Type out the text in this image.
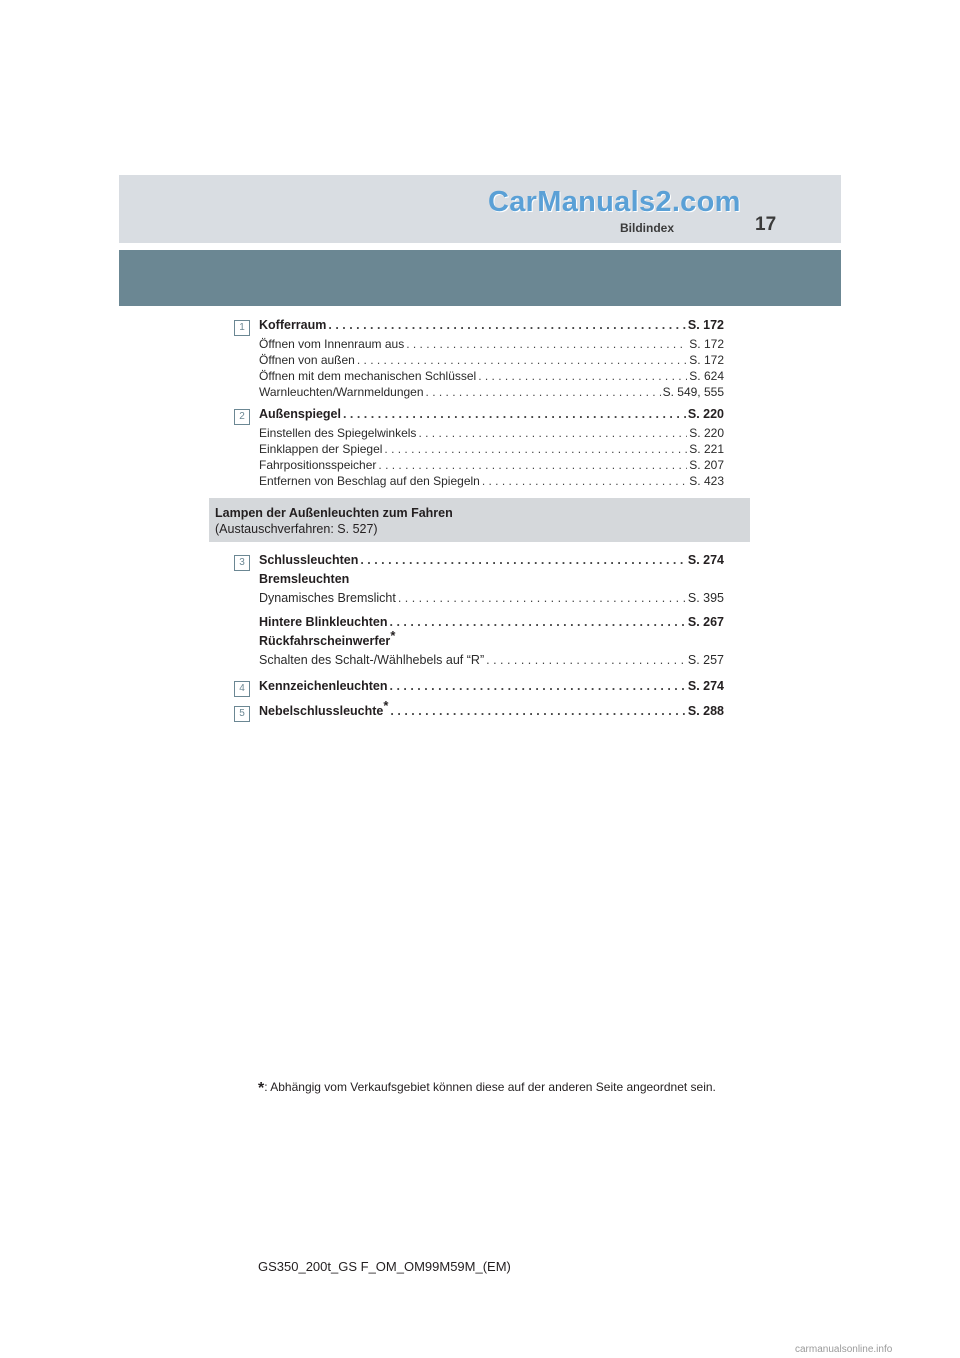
CarManuals2.com
Bildindex	17
1	Kofferraum . . .	S. 172
Öffnen vom Innenraum aus . . .	S. 172
Öffnen von außen . . .	S. 172
Öffnen mit dem mechanischen Schlüssel . . .	S. 624
Warnleuchten/Warnmeldungen . . .	S. 549, 555
2	Außenspiegel . . .	S. 220
Einstellen des Spiegelwinkels . . .	S. 220
Einklappen der Spiegel . . .	S. 221
Fahrpositionsspeicher . . .	S. 207
Entfernen von Beschlag auf den Spiegeln . . .	S. 423
Lampen der Außenleuchten zum Fahren
(Austauschverfahren: S. 527)
3	Schlussleuchten . . .	S. 274
Bremsleuchten
Dynamisches Bremslicht . . .	S. 395
Hintere Blinkleuchten . . .	S. 267
Rückfahrscheinwerfer*
Schalten des Schalt-/Wählhebels auf “R” . . .	S. 257
4	Kennzeichenleuchten . . .	S. 274
5	Nebelschlussleuchte* . . .	S. 288
*: Abhängig vom Verkaufsgebiet können diese auf der anderen Seite angeordnet sein.
GS350_200t_GS F_OM_OM99M59M_(EM)
carmanualsonline.info
